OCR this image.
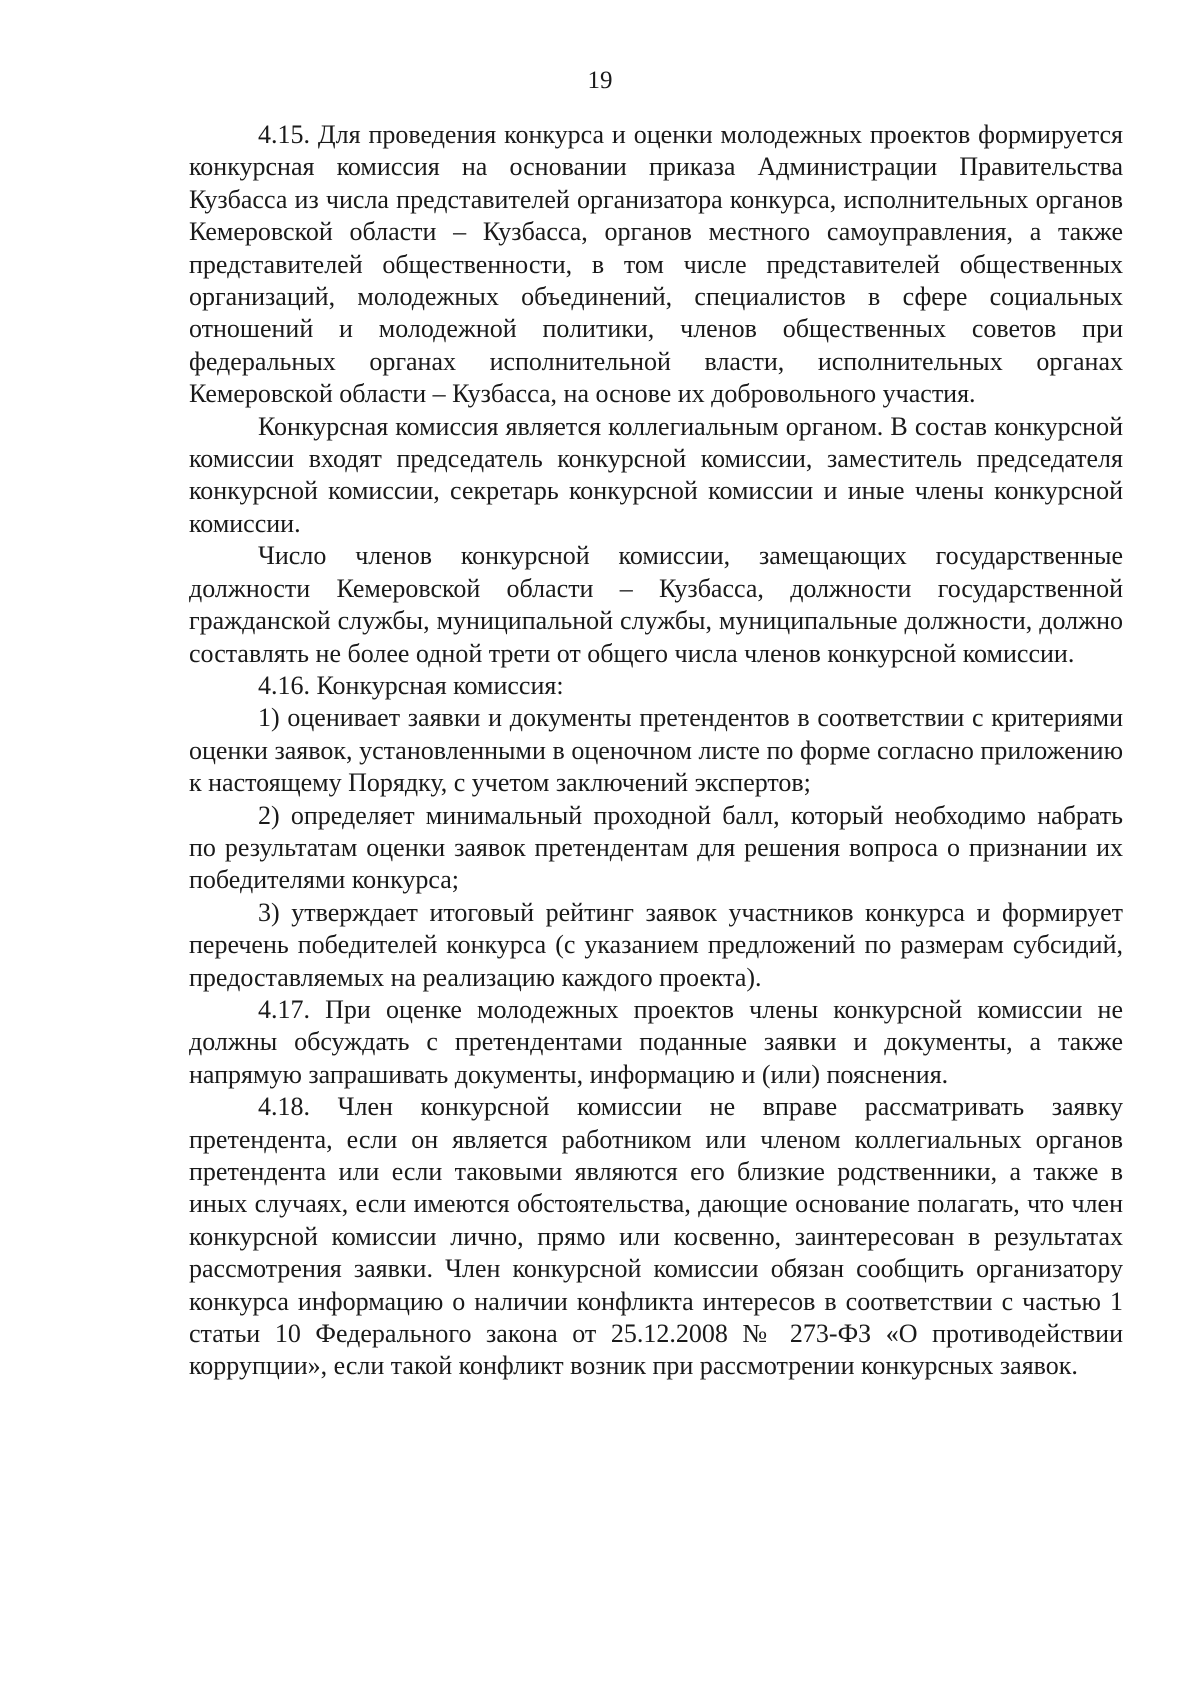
19

4.15. Для проведения конкурса и оценки молодежных проектов формируется конкурсная комиссия на основании приказа Администрации Правительства Кузбасса из числа представителей организатора конкурса, исполнительных органов Кемеровской области – Кузбасса, органов местного самоуправления, а также представителей общественности, в том числе представителей общественных организаций, молодежных объединений, специалистов в сфере социальных отношений и молодежной политики, членов общественных советов при федеральных органах исполнительной власти, исполнительных органах Кемеровской области – Кузбасса, на основе их добровольного участия.

Конкурсная комиссия является коллегиальным органом. В состав конкурсной комиссии входят председатель конкурсной комиссии, заместитель председателя конкурсной комиссии, секретарь конкурсной комиссии и иные члены конкурсной комиссии.

Число членов конкурсной комиссии, замещающих государственные должности Кемеровской области – Кузбасса, должности государственной гражданской службы, муниципальной службы, муниципальные должности, должно составлять не более одной трети от общего числа членов конкурсной комиссии.

4.16. Конкурсная комиссия:

1) оценивает заявки и документы претендентов в соответствии с критериями оценки заявок, установленными в оценочном листе по форме согласно приложению к настоящему Порядку, с учетом заключений экспертов;

2) определяет минимальный проходной балл, который необходимо набрать по результатам оценки заявок претендентам для решения вопроса о признании их победителями конкурса;

3) утверждает итоговый рейтинг заявок участников конкурса и формирует перечень победителей конкурса (с указанием предложений по размерам субсидий, предоставляемых на реализацию каждого проекта).

4.17. При оценке молодежных проектов члены конкурсной комиссии не должны обсуждать с претендентами поданные заявки и документы, а также напрямую запрашивать документы, информацию и (или) пояснения.

4.18. Член конкурсной комиссии не вправе рассматривать заявку претендента, если он является работником или членом коллегиальных органов претендента или если таковыми являются его близкие родственники, а также в иных случаях, если имеются обстоятельства, дающие основание полагать, что член конкурсной комиссии лично, прямо или косвенно, заинтересован в результатах рассмотрения заявки. Член конкурсной комиссии обязан сообщить организатору конкурса информацию о наличии конфликта интересов в соответствии с частью 1 статьи 10 Федерального закона от 25.12.2008 № 273-ФЗ «О противодействии коррупции», если такой конфликт возник при рассмотрении конкурсных заявок.
